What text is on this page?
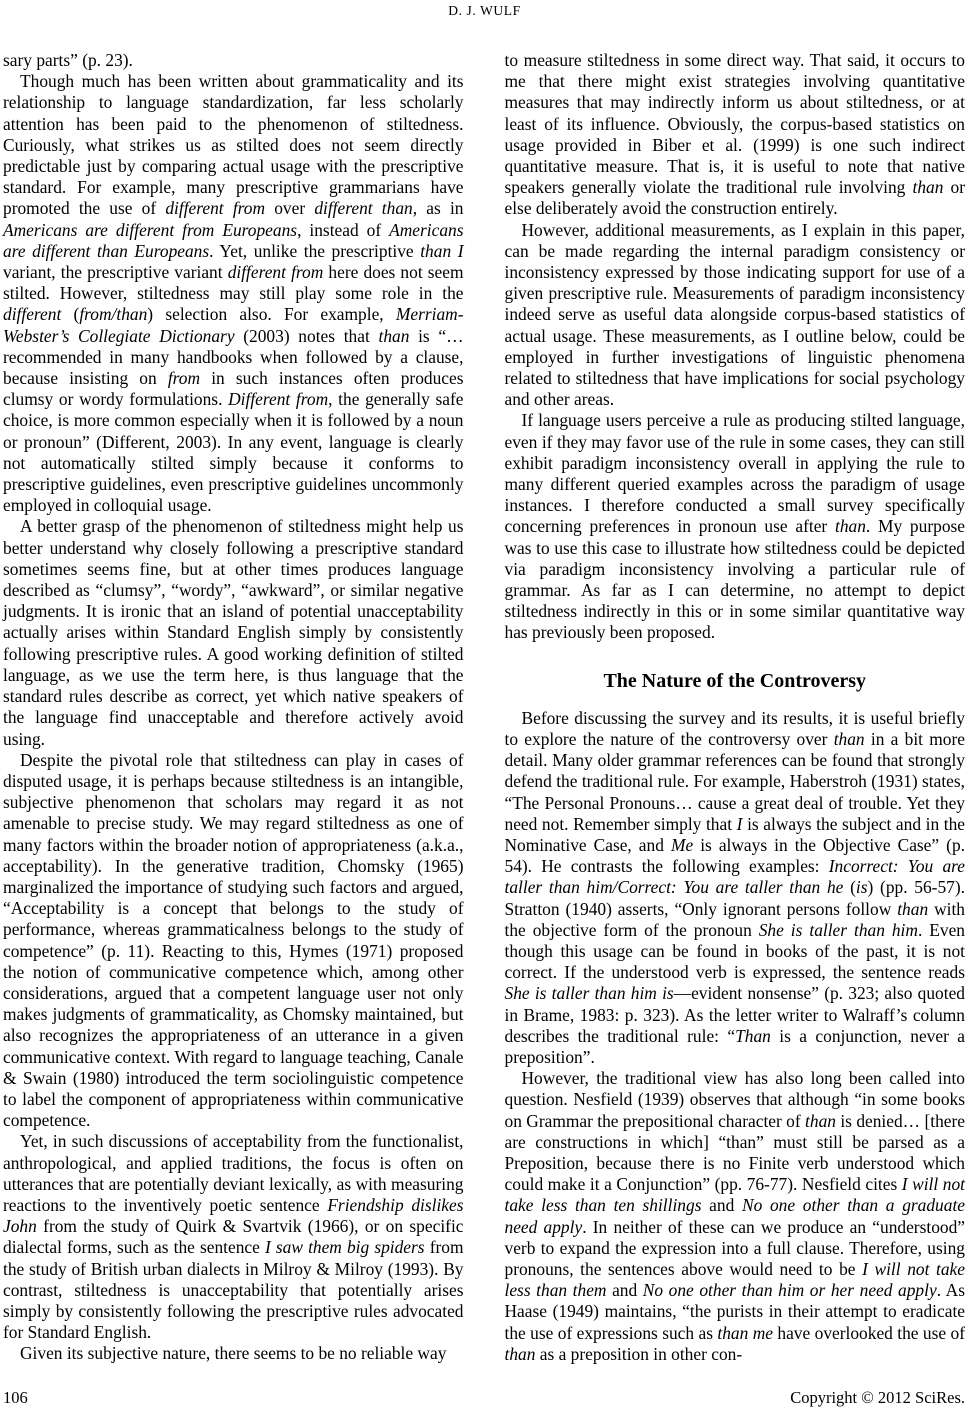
D. J. WULF

sary parts” (p. 23).

Though much has been written about grammaticality and its relationship to language standardization, far less scholarly attention has been paid to the phenomenon of stiltedness. Curiously, what strikes us as stilted does not seem directly predictable just by comparing actual usage with the prescriptive standard. For example, many prescriptive grammarians have promoted the use of different from over different than, as in Americans are different from Europeans, instead of Americans are different than Europeans. Yet, unlike the prescriptive than I variant, the prescriptive variant different from here does not seem stilted. However, stiltedness may still play some role in the different (from/than) selection also. For example, Merriam-Webster’s Collegiate Dictionary (2003) notes that than is “… recommended in many handbooks when followed by a clause, because insisting on from in such instances often produces clumsy or wordy formulations. Different from, the generally safe choice, is more common especially when it is followed by a noun or pronoun” (Different, 2003). In any event, language is clearly not automatically stilted simply because it conforms to prescriptive guidelines, even prescriptive guidelines uncommonly employed in colloquial usage.

A better grasp of the phenomenon of stiltedness might help us better understand why closely following a prescriptive standard sometimes seems fine, but at other times produces language described as “clumsy”, “wordy”, “awkward”, or similar negative judgments. It is ironic that an island of potential unacceptability actually arises within Standard English simply by consistently following prescriptive rules. A good working definition of stilted language, as we use the term here, is thus language that the standard rules describe as correct, yet which native speakers of the language find unacceptable and therefore actively avoid using.

Despite the pivotal role that stiltedness can play in cases of disputed usage, it is perhaps because stiltedness is an intangible, subjective phenomenon that scholars may regard it as not amenable to precise study. We may regard stiltedness as one of many factors within the broader notion of appropriateness (a.k.a., acceptability). In the generative tradition, Chomsky (1965) marginalized the importance of studying such factors and argued, “Acceptability is a concept that belongs to the study of performance, whereas grammaticalness belongs to the study of competence” (p. 11). Reacting to this, Hymes (1971) proposed the notion of communicative competence which, among other considerations, argued that a competent language user not only makes judgments of grammaticality, as Chomsky maintained, but also recognizes the appropriateness of an utterance in a given communicative context. With regard to language teaching, Canale & Swain (1980) introduced the term sociolinguistic competence to label the component of appropriateness within communicative competence.

Yet, in such discussions of acceptability from the functionalist, anthropological, and applied traditions, the focus is often on utterances that are potentially deviant lexically, as with measuring reactions to the inventively poetic sentence Friendship dislikes John from the study of Quirk & Svartvik (1966), or on specific dialectal forms, such as the sentence I saw them big spiders from the study of British urban dialects in Milroy & Milroy (1993). By contrast, stiltedness is unacceptability that potentially arises simply by consistently following the prescriptive rules advocated for Standard English.

Given its subjective nature, there seems to be no reliable way

to measure stiltedness in some direct way. That said, it occurs to me that there might exist strategies involving quantitative measures that may indirectly inform us about stiltedness, or at least of its influence. Obviously, the corpus-based statistics on usage provided in Biber et al. (1999) is one such indirect quantitative measure. That is, it is useful to note that native speakers generally violate the traditional rule involving than or else deliberately avoid the construction entirely.

However, additional measurements, as I explain in this paper, can be made regarding the internal paradigm consistency or inconsistency expressed by those indicating support for use of a given prescriptive rule. Measurements of paradigm inconsistency indeed serve as useful data alongside corpus-based statistics of actual usage. These measurements, as I outline below, could be employed in further investigations of linguistic phenomena related to stiltedness that have implications for social psychology and other areas.

If language users perceive a rule as producing stilted language, even if they may favor use of the rule in some cases, they can still exhibit paradigm inconsistency overall in applying the rule to many different queried examples across the paradigm of usage instances. I therefore conducted a small survey specifically concerning preferences in pronoun use after than. My purpose was to use this case to illustrate how stiltedness could be depicted via paradigm inconsistency involving a particular rule of grammar. As far as I can determine, no attempt to depict stiltedness indirectly in this or in some similar quantitative way has previously been proposed.

The Nature of the Controversy

Before discussing the survey and its results, it is useful briefly to explore the nature of the controversy over than in a bit more detail. Many older grammar references can be found that strongly defend the traditional rule. For example, Haberstroh (1931) states, “The Personal Pronouns… cause a great deal of trouble. Yet they need not. Remember simply that I is always the subject and in the Nominative Case, and Me is always in the Objective Case” (p. 54). He contrasts the following examples: Incorrect: You are taller than him/Correct: You are taller than he (is) (pp. 56-57). Stratton (1940) asserts, “Only ignorant persons follow than with the objective form of the pronoun She is taller than him. Even though this usage can be found in books of the past, it is not correct. If the understood verb is expressed, the sentence reads She is taller than him is—evident nonsense” (p. 323; also quoted in Brame, 1983: p. 323). As the letter writer to Walraff’s column describes the traditional rule: “Than is a conjunction, never a preposition”.

However, the traditional view has also long been called into question. Nesfield (1939) observes that although “in some books on Grammar the prepositional character of than is denied… [there are constructions in which] “than” must still be parsed as a Preposition, because there is no Finite verb understood which could make it a Conjunction” (pp. 76-77). Nesfield cites I will not take less than ten shillings and No one other than a graduate need apply. In neither of these can we produce an “understood” verb to expand the expression into a full clause. Therefore, using pronouns, the sentences above would need to be I will not take less than them and No one other than him or her need apply. As Haase (1949) maintains, “the purists in their attempt to eradicate the use of expressions such as than me have overlooked the use of than as a preposition in other con-

106	Copyright © 2012 SciRes.
